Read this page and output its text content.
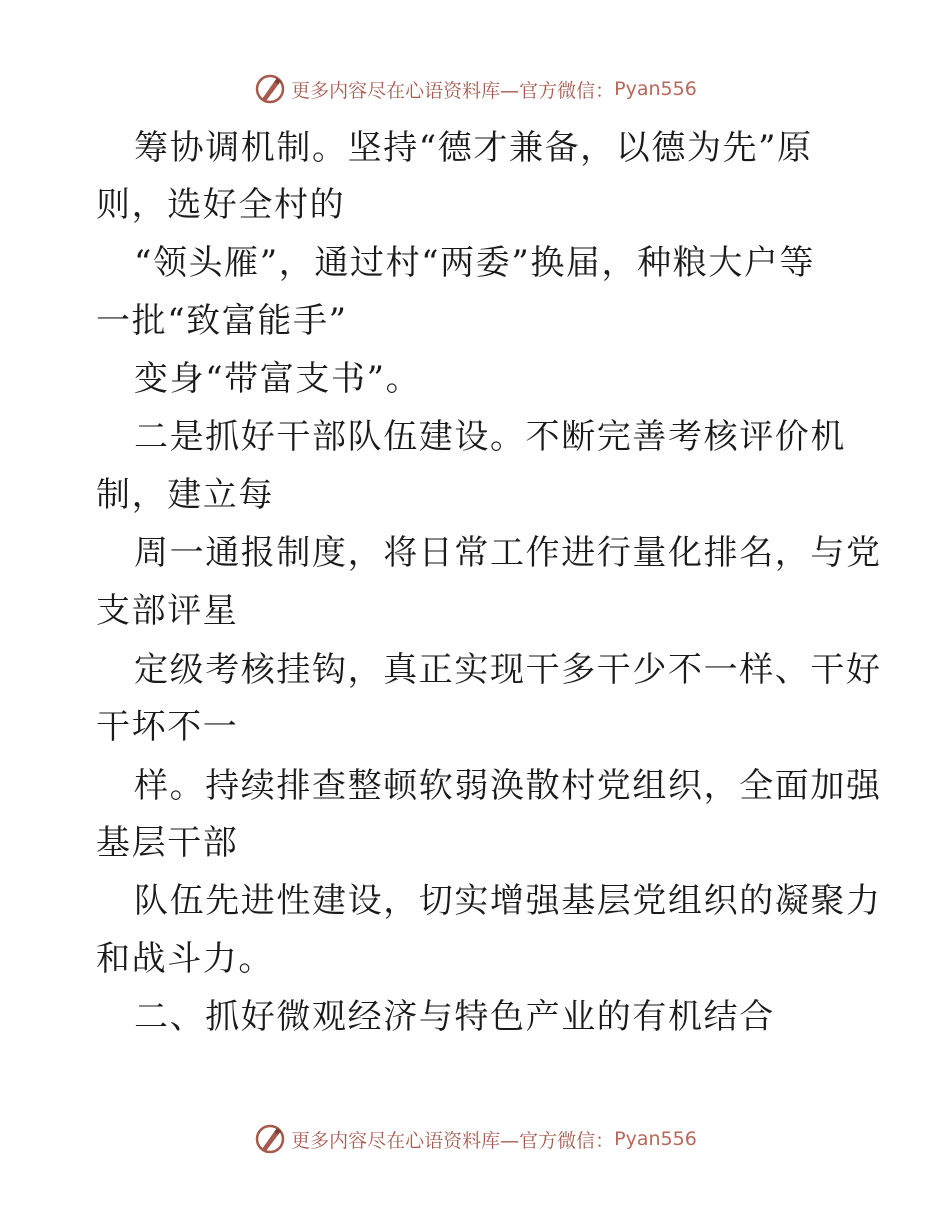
更多内容尽在心语资料库—官方微信： Pyan556
筹协调机制。坚持“德才兼备，以德为先”原
则，选好全村的
“领头雁”，通过村“两委”换届，种粮大户等
一批“致富能手”
变身“带富支书”。
二是抓好干部队伍建设。不断完善考核评价机
制，建立每
周一通报制度，将日常工作进行量化排名，与党
支部评星
定级考核挂钩，真正实现干多干少不一样、干好
干坏不一
样。持续排查整顿软弱涣散村党组织，全面加强
基层干部
队伍先进性建设，切实增强基层党组织的凝聚力
和战斗力。
二、抓好微观经济与特色产业的有机结合
更多内容尽在心语资料库—官方微信： Pyan556
